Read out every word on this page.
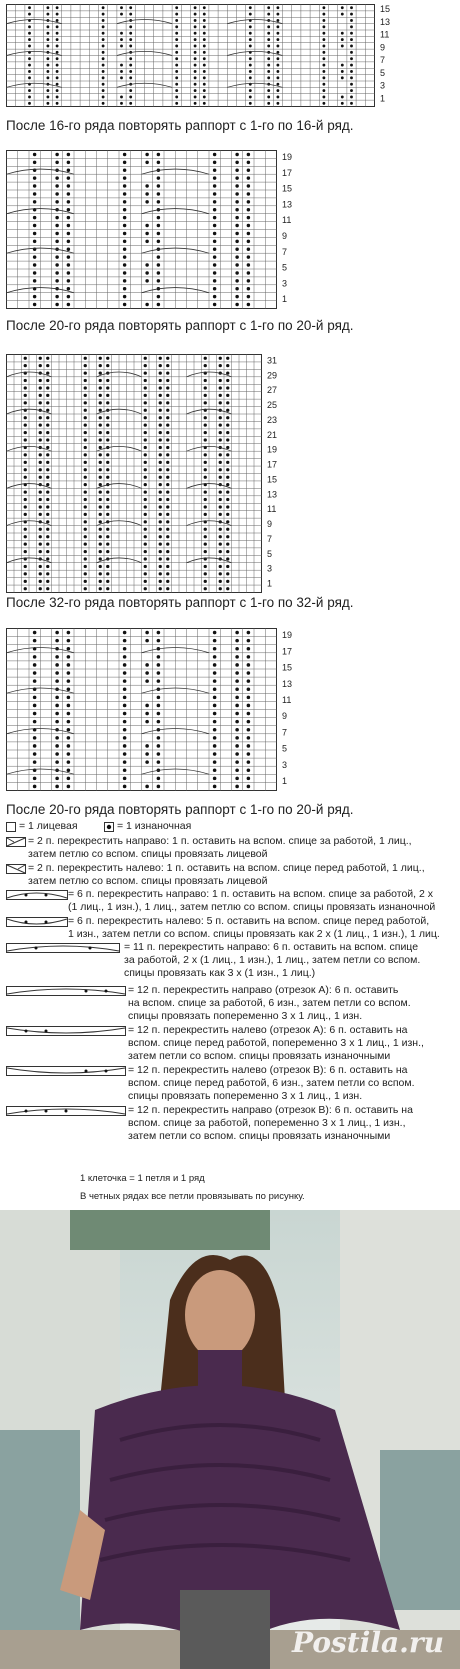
15
13
11
9
7
5
3
1
После 16-го ряда повторять раппорт с 1-го по 16-й ряд.
19
17
15
13
11
9
7
5
3
1
После 20-го ряда повторять раппорт с 1-го по 20-й ряд.
31
29
27
25
23
21
19
17
15
13
11
9
7
5
3
1
После 32-го ряда повторять раппорт с 1-го по 32-й ряд.
19
17
15
13
11
9
7
5
3
1
После 20-го ряда повторять раппорт с 1-го по 20-й ряд.
= 1 лицевая	= 1 изнаночная
= 2 п. перекрестить направо: 1 п. оставить на вспом. спице за работой, 1 лиц.,
затем петлю со вспом. спицы провязать лицевой
= 2 п. перекрестить налево: 1 п. оставить на вспом. спице перед работой, 1 лиц.,
затем петлю со вспом. спицы провязать лицевой
= 6 п. перекрестить направо: 1 п. оставить на вспом. спице за работой, 2 х
(1 лиц., 1 изн.), 1 лиц., затем петлю со вспом. спицы провязать изнаночной
= 6 п. перекрестить налево: 5 п. оставить на вспом. спице перед работой,
1 изн., затем петли со вспом. спицы провязать как 2 х (1 лиц., 1 изн.), 1 лиц.
= 11 п. перекрестить направо: 6 п. оставить на вспом. спице
за работой, 2 х (1 лиц., 1 изн.), 1 лиц., затем петли со вспом.
спицы провязать как 3 х (1 изн., 1 лиц.)
= 12 п. перекрестить направо (отрезок А): 6 п. оставить
на вспом. спице за работой, 6 изн., затем петли со вспом.
спицы провязать попеременно 3 х 1 лиц., 1 изн.
= 12 п. перекрестить налево (отрезок А): 6 п. оставить на
вспом. спице перед работой, попеременно 3 х 1 лиц., 1 изн.,
затем петли со вспом. спицы провязать изнаночными
= 12 п. перекрестить налево (отрезок В): 6 п. оставить на
вспом. спице перед работой, 6 изн., затем петли со вспом.
спицы провязать попеременно 3 х 1 лиц., 1 изн.
= 12 п. перекрестить направо (отрезок В): 6 п. оставить на
вспом. спице за работой, попеременно 3 х 1 лиц., 1 изн.,
затем петли со вспом. спицы провязать изнаночными
1 клеточка = 1 петля и 1 ряд
В четных рядах все петли провязывать по рисунку.
Postila.ru
